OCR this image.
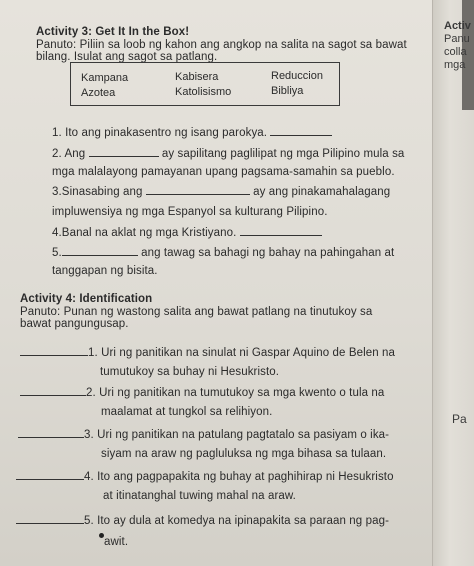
Activ
Panu
colla
mga
Pa
Activity 3: Get It In the Box!
Panuto: Piliin sa loob ng kahon ang angkop na salita na sagot sa bawat
bilang. Isulat ang sagot sa patlang.
Kampana	Kabisera	Reduccion
Azotea	Katolisismo	Bibliya
1. Ito ang pinakasentro ng isang parokya.
2. Ang	ay sapilitang paglilipat ng mga Pilipino mula sa
mga malalayong pamayanan upang pagsama-samahin sa pueblo.
3.Sinasabing ang	ay ang pinakamahalagang
impluwensiya ng mga Espanyol sa kulturang Pilipino.
4.Banal na aklat ng mga Kristiyano.
5.	ang tawag sa bahagi ng bahay na pahingahan at
tanggapan ng bisita.
Activity 4: Identification
Panuto: Punan ng wastong salita ang bawat patlang na tinutukoy sa
bawat pangungusap.
1. Uri ng panitikan na sinulat ni Gaspar Aquino de Belen na
tumutukoy sa buhay ni Hesukristo.
2. Uri ng panitikan na tumutukoy sa mga kwento o tula na
maalamat at tungkol sa relihiyon.
3. Uri ng panitikan na patulang pagtatalo sa pasiyam o ika-
siyam na araw ng pagluluksa ng mga bihasa sa tulaan.
4. Ito ang pagpapakita ng buhay at paghihirap ni Hesukristo
at itinatanghal tuwing mahal na araw.
5. Ito ay dula at komedya na ipinapakita sa paraan ng pag-
awit.
